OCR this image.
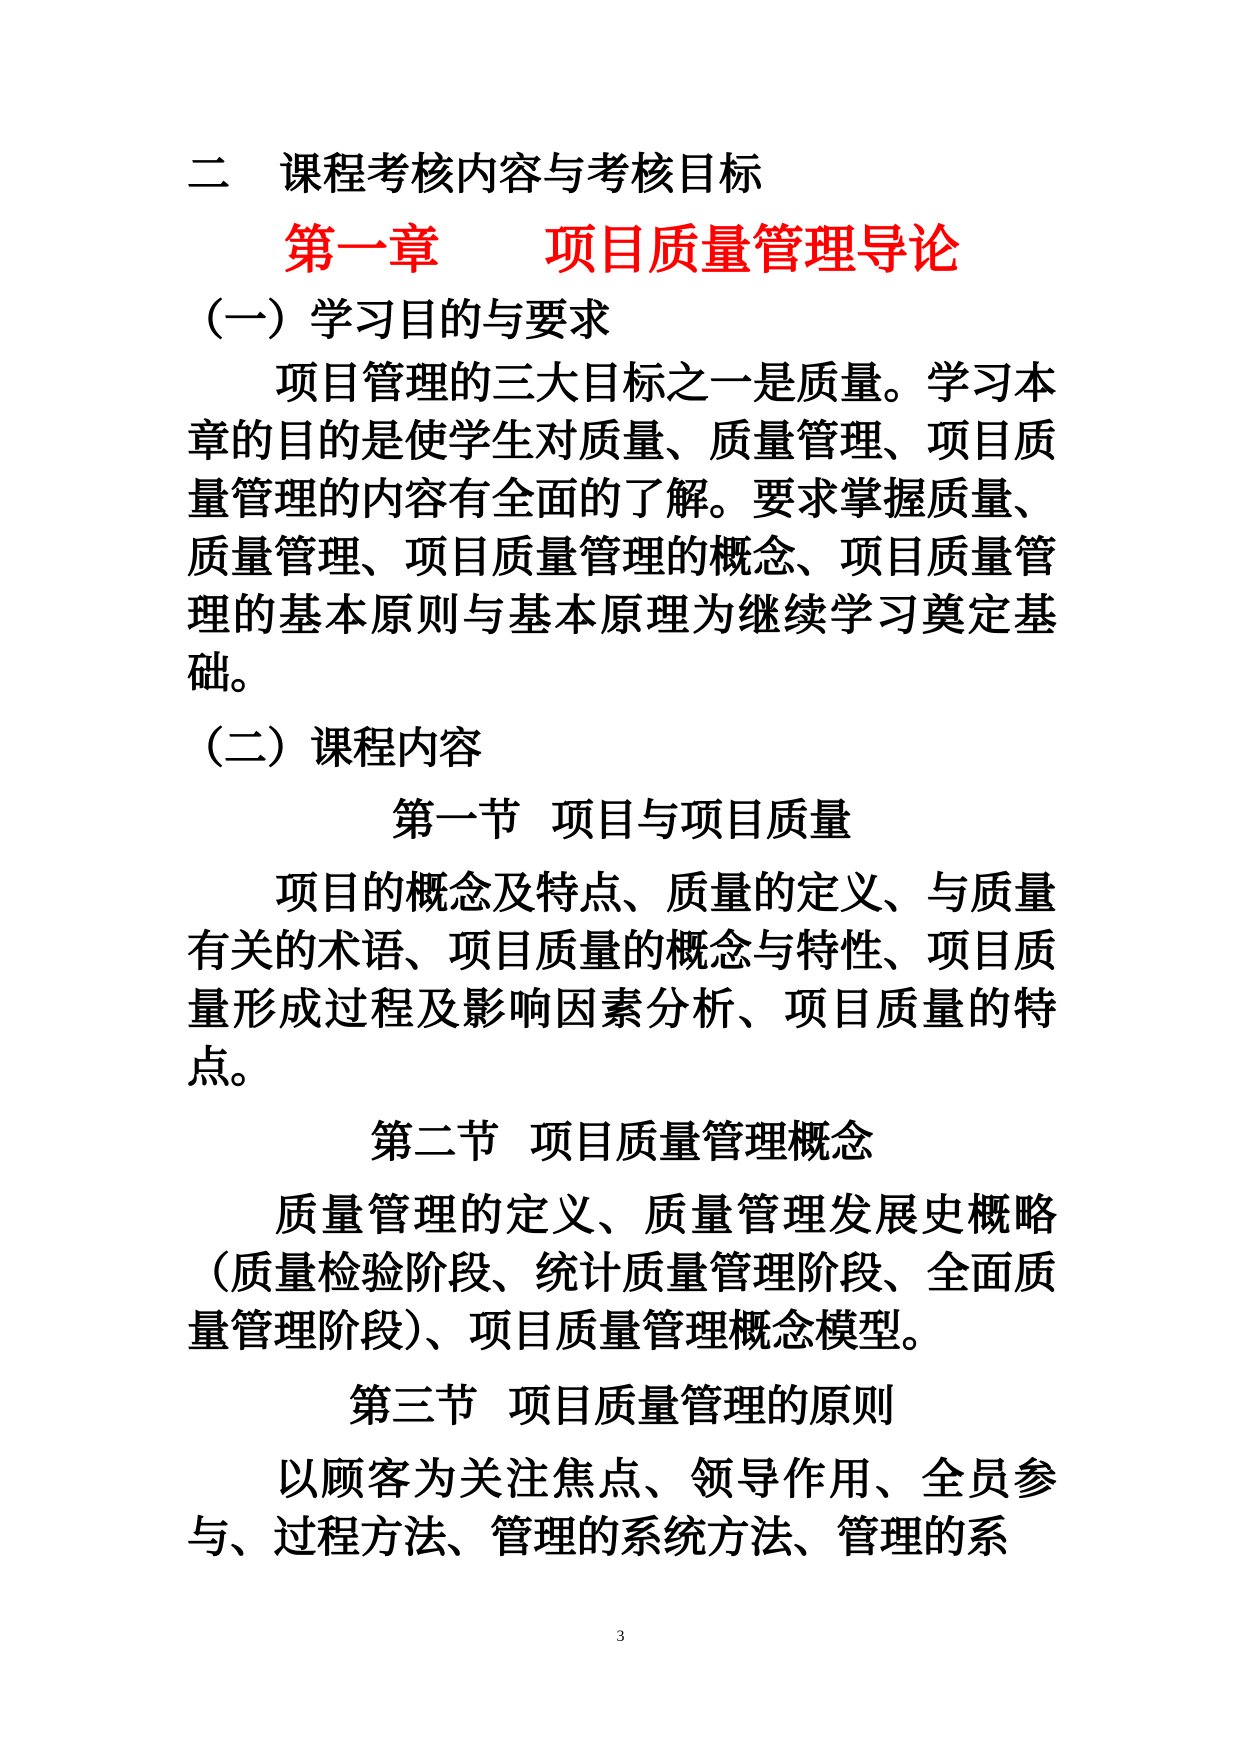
二 课程考核内容与考核目标
第一章　　项目质量管理导论
（一）学习目的与要求

项目管理的三大目标之一是质量。学习本章的目的是使学生对质量、质量管理、项目质量管理的内容有全面的了解。要求掌握质量、质量管理、项目质量管理的概念、项目质量管理的基本原则与基本原理为继续学习奠定基础。

（二）课程内容
第一节  项目与项目质量

项目的概念及特点、质量的定义、与质量有关的术语、项目质量的概念与特性、项目质量形成过程及影响因素分析、项目质量的特点。

第二节  项目质量管理概念

质量管理的定义、质量管理发展史概略（质量检验阶段、统计质量管理阶段、全面质量管理阶段）、项目质量管理概念模型。

第三节  项目质量管理的原则

以顾客为关注焦点、领导作用、全员参与、过程方法、管理的系统方法、管理的系

3
